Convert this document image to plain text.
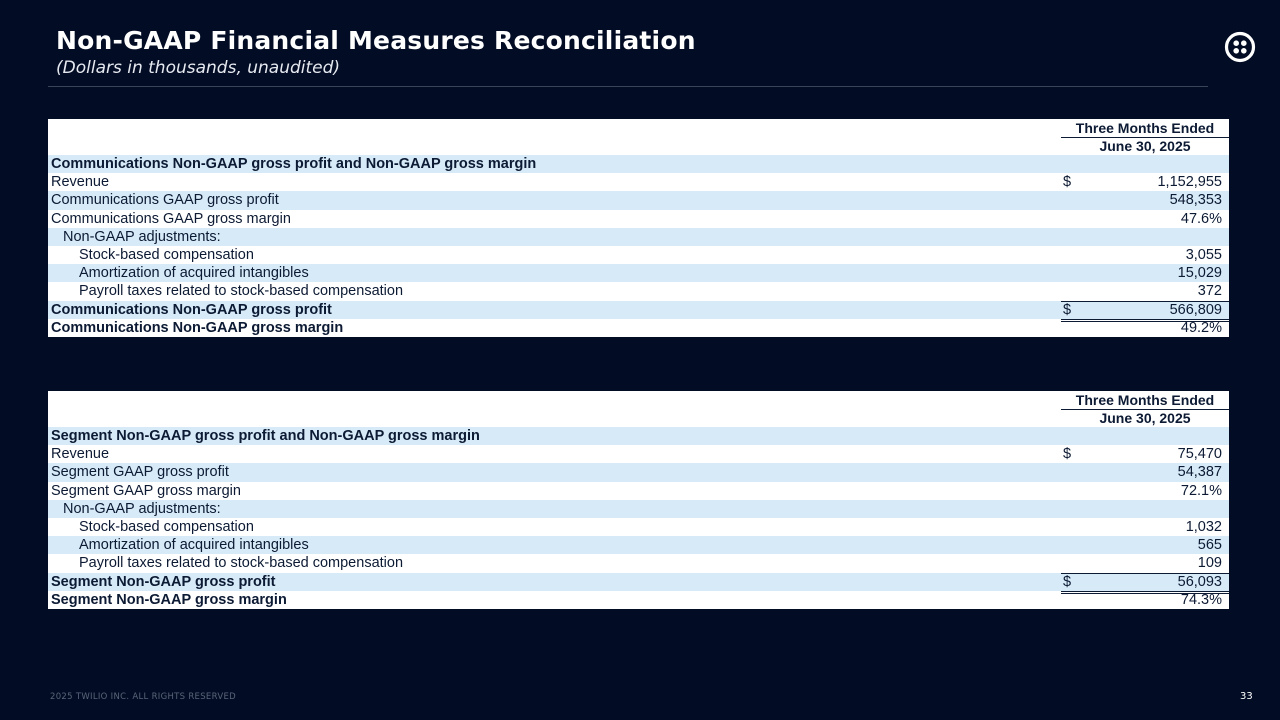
Non-GAAP Financial Measures Reconciliation
(Dollars in thousands, unaudited)
Three Months Ended
June 30, 2025
Communications Non-GAAP gross profit and Non-GAAP gross margin
Revenue	$	1,152,955
Communications GAAP gross profit	548,353
Communications GAAP gross margin	47.6%
Non-GAAP adjustments:
Stock-based compensation	3,055
Amortization of acquired intangibles	15,029
Payroll taxes related to stock-based compensation	372
Communications Non-GAAP gross profit	$	566,809
Communications Non-GAAP gross margin	49.2%
Three Months Ended
June 30, 2025
Segment Non-GAAP gross profit and Non-GAAP gross margin
Revenue	$	75,470
Segment GAAP gross profit	54,387
Segment GAAP gross margin	72.1%
Non-GAAP adjustments:
Stock-based compensation	1,032
Amortization of acquired intangibles	565
Payroll taxes related to stock-based compensation	109
Segment Non-GAAP gross profit	$	56,093
Segment Non-GAAP gross margin	74.3%
2025 TWILIO INC. ALL RIGHTS RESERVED	33
